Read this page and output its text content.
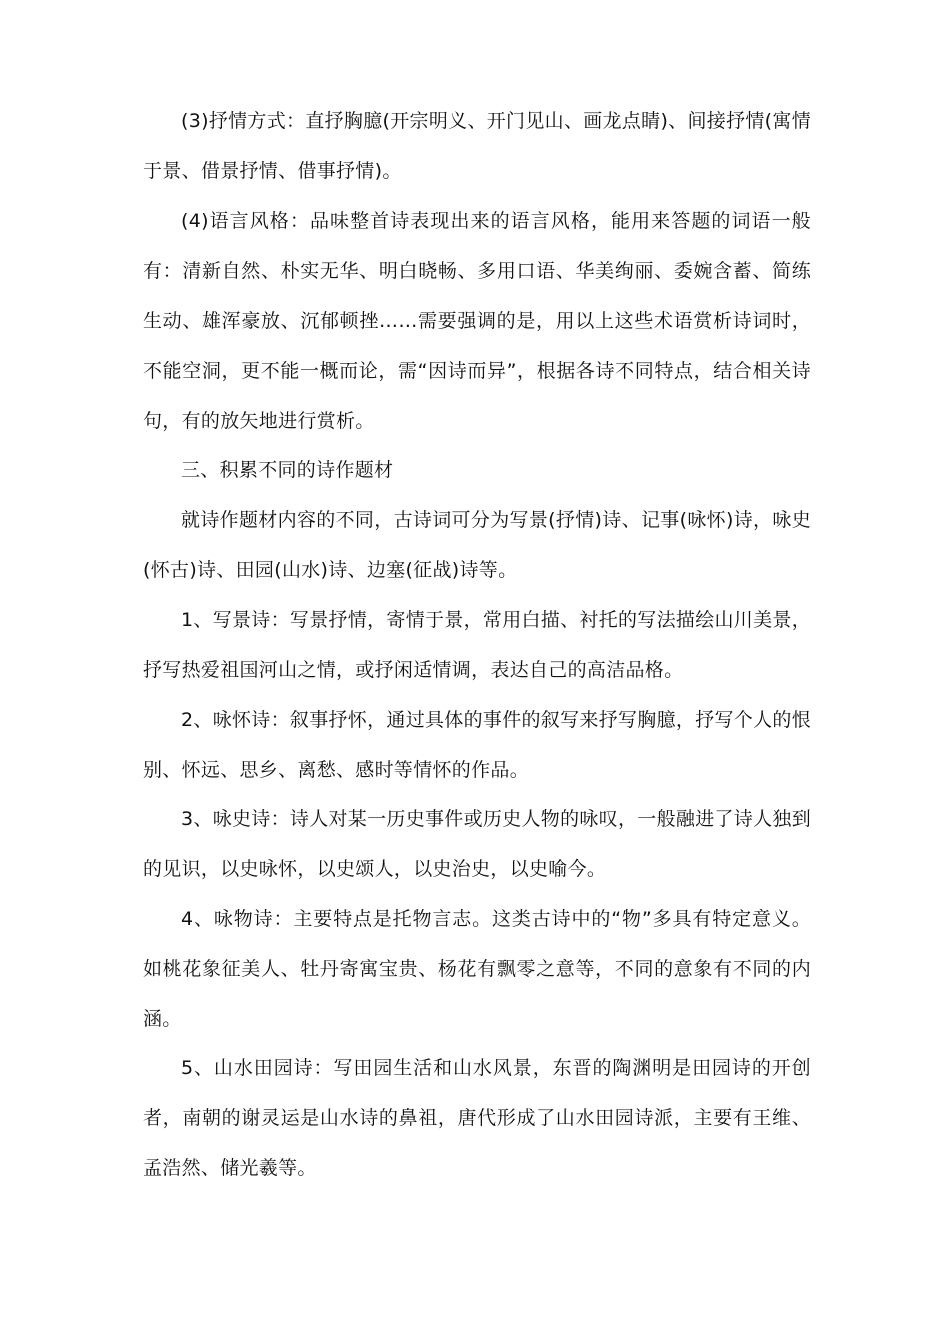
(3)抒情方式：直抒胸臆(开宗明义、开门见山、画龙点睛)、间接抒情(寓情于景、借景抒情、借事抒情)。

(4)语言风格：品味整首诗表现出来的语言风格，能用来答题的词语一般有：清新自然、朴实无华、明白晓畅、多用口语、华美绚丽、委婉含蓄、简练生动、雄浑豪放、沉郁顿挫……需要强调的是，用以上这些术语赏析诗词时，不能空洞，更不能一概而论，需“因诗而异”，根据各诗不同特点，结合相关诗句，有的放矢地进行赏析。

三、积累不同的诗作题材

就诗作题材内容的不同，古诗词可分为写景(抒情)诗、记事(咏怀)诗，咏史(怀古)诗、田园(山水)诗、边塞(征战)诗等。

1、写景诗：写景抒情，寄情于景，常用白描、衬托的写法描绘山川美景，抒写热爱祖国河山之情，或抒闲适情调，表达自己的高洁品格。

2、咏怀诗：叙事抒怀，通过具体的事件的叙写来抒写胸臆，抒写个人的恨别、怀远、思乡、离愁、感时等情怀的作品。

3、咏史诗：诗人对某一历史事件或历史人物的咏叹，一般融进了诗人独到的见识，以史咏怀，以史颂人，以史治史，以史喻今。

4、咏物诗：主要特点是托物言志。这类古诗中的“物”多具有特定意义。如桃花象征美人、牡丹寄寓宝贵、杨花有飘零之意等，不同的意象有不同的内涵。

5、山水田园诗：写田园生活和山水风景，东晋的陶渊明是田园诗的开创者，南朝的谢灵运是山水诗的鼻祖，唐代形成了山水田园诗派，主要有王维、孟浩然、储光羲等。
